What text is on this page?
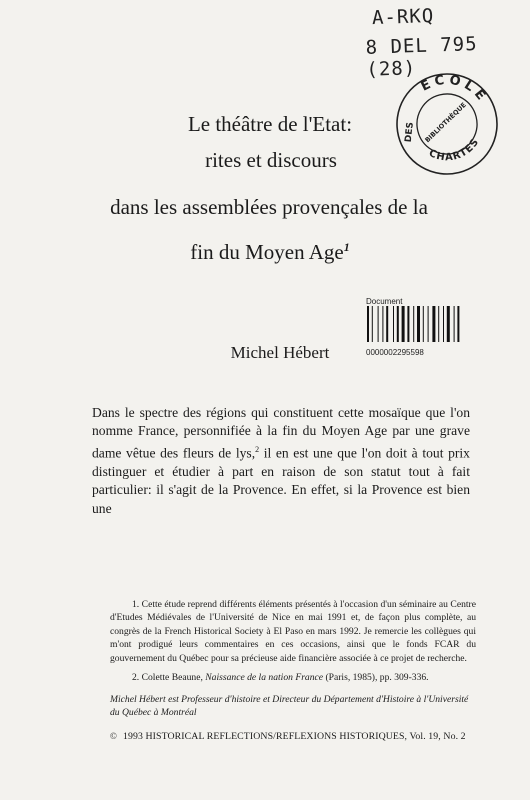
A-RKQ
8 DEL 795 (28)
ECOLE
DES BIBLIOTHÈQUE
CHARTES
Le théâtre de l'Etat:
rites et discours
dans les assemblées provençales de la
fin du Moyen Age$^1$
Document
0000002295598
Michel Hébert

Dans le spectre des régions qui constituent cette mosaïque que l'on nomme France, personnifiée à la fin du Moyen Age par une grave dame vêtue des fleurs de lys,$^2$ il en est une que l'on doit à tout prix distinguer et étudier à part en raison de son statut tout à fait particulier: il s'agit de la Provence. En effet, si la Provence est bien une

1. Cette étude reprend différents éléments présentés à l'occasion d'un séminaire au Centre d'Etudes Médiévales de l'Université de Nice en mai 1991 et, de façon plus complète, au congrès de la French Historical Society à El Paso en mars 1992. Je remercie les collègues qui m'ont prodigué leurs commentaires en ces occasions, ainsi que le fonds FCAR du gouvernement du Québec pour sa précieuse aide financière associée à ce projet de recherche.

2. Colette Beaune, Naissance de la nation France (Paris, 1985), pp. 309-336.

Michel Hébert est Professeur d'histoire et Directeur du Département d'Histoire à l'Université du Québec à Montréal
© 1993 HISTORICAL REFLECTIONS/REFLEXIONS HISTORIQUES, Vol. 19, No. 2
